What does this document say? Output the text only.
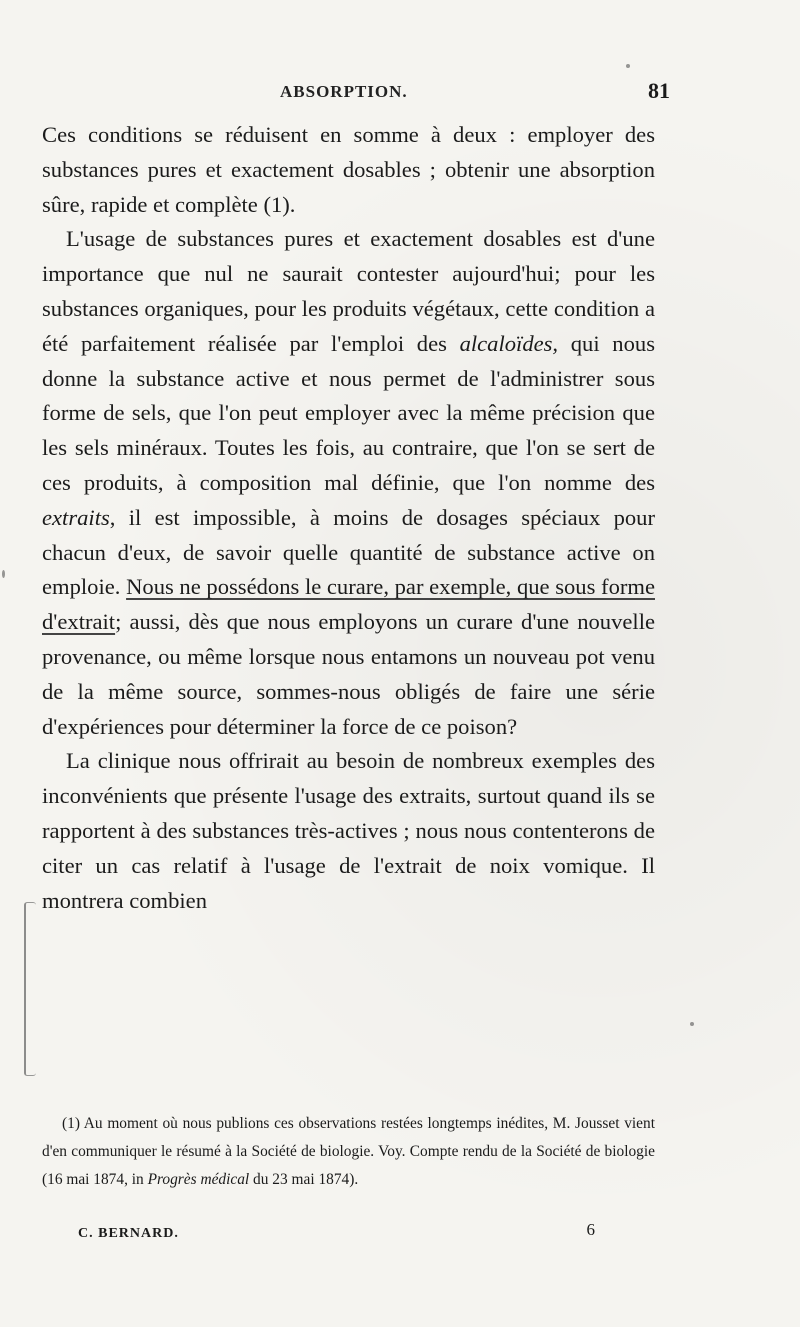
ABSORPTION.	81

Ces conditions se réduisent en somme à deux : employer des substances pures et exactement dosables ; obtenir une absorption sûre, rapide et complète (1).

L'usage de substances pures et exactement dosables est d'une importance que nul ne saurait contester aujourd'hui; pour les substances organiques, pour les produits végétaux, cette condition a été parfaitement réalisée par l'emploi des alcaloïdes, qui nous donne la substance active et nous permet de l'administrer sous forme de sels, que l'on peut employer avec la même précision que les sels minéraux. Toutes les fois, au contraire, que l'on se sert de ces produits, à composition mal définie, que l'on nomme des extraits, il est impossible, à moins de dosages spéciaux pour chacun d'eux, de savoir quelle quantité de substance active on emploie. Nous ne possédons le curare, par exemple, que sous forme d'extrait; aussi, dès que nous employons un curare d'une nouvelle provenance, ou même lorsque nous entamons un nouveau pot venu de la même source, sommes-nous obligés de faire une série d'expériences pour déterminer la force de ce poison?

La clinique nous offrirait au besoin de nombreux exemples des inconvénients que présente l'usage des extraits, surtout quand ils se rapportent à des substances très-actives ; nous nous contenterons de citer un cas relatif à l'usage de l'extrait de noix vomique. Il montrera combien

(1) Au moment où nous publions ces observations restées longtemps inédites, M. Jousset vient d'en communiquer le résumé à la Société de biologie. Voy. Compte rendu de la Société de biologie (16 mai 1874, in Progrès médical du 23 mai 1874).

C. BERNARD.	6
